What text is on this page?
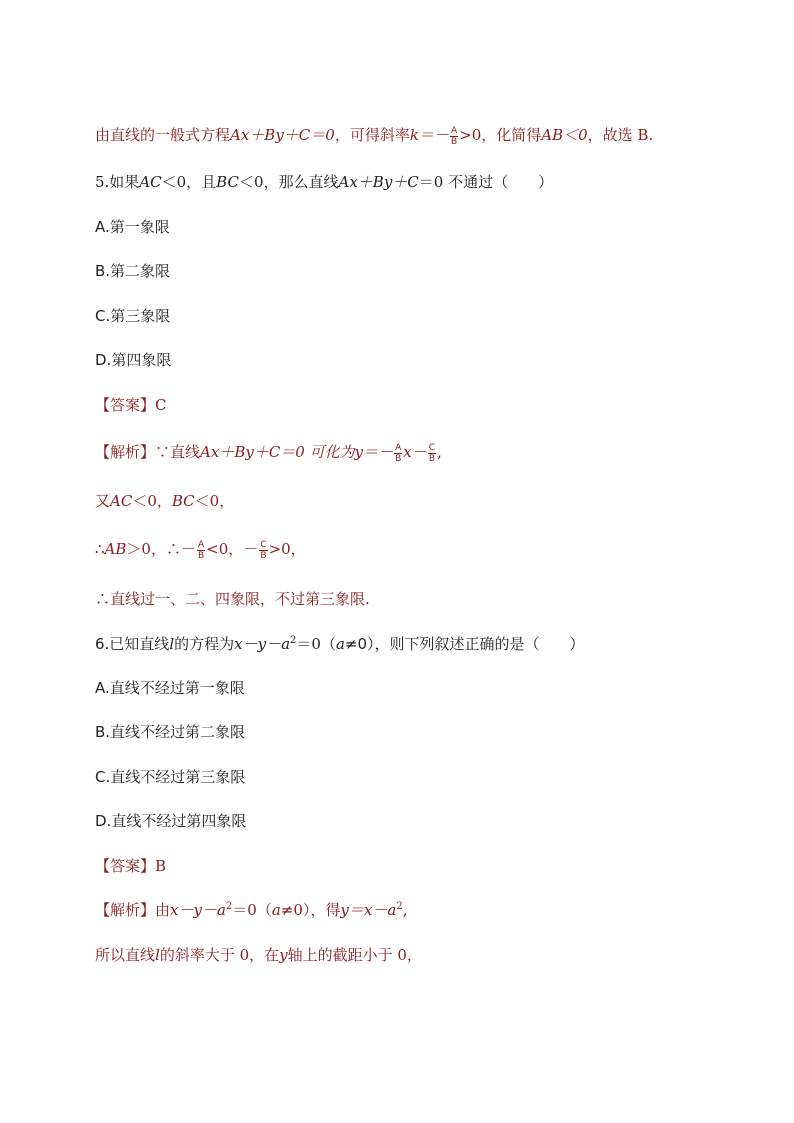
由直线的一般式方程Ax＋By＋C＝0，可得斜率$k=- \frac{A}{B} >0$，化简得AB＜0，故选 B.
5.如果AC＜0，且BC＜0，那么直线Ax＋By＋C＝0 不通过（　　）
A.第一象限
B.第二象限
C.第三象限
D.第四象限
【答案】C
【解析】∵直线Ax＋By＋C＝0 可化为$y=- \frac{A}{B} x- \frac{C}{B}$ ,
又AC＜0，BC＜0，
∴AB＞0，∴－ $\frac{A}{B} <0$，－ $\frac{C}{B} >0$，
∴直线过一、二、四象限，不过第三象限.
6.已知直线l的方程为$x-y-a^2=0(a\ne 0)$，则下列叙述正确的是（　　）
A.直线不经过第一象限
B.直线不经过第二象限
C.直线不经过第三象限
D.直线不经过第四象限
【答案】B
【解析】由$x-y-a^2=0(a\ne 0)$，得$y=x-a^2$,
所以直线l的斜率大于 0，在y轴上的截距小于 0，
